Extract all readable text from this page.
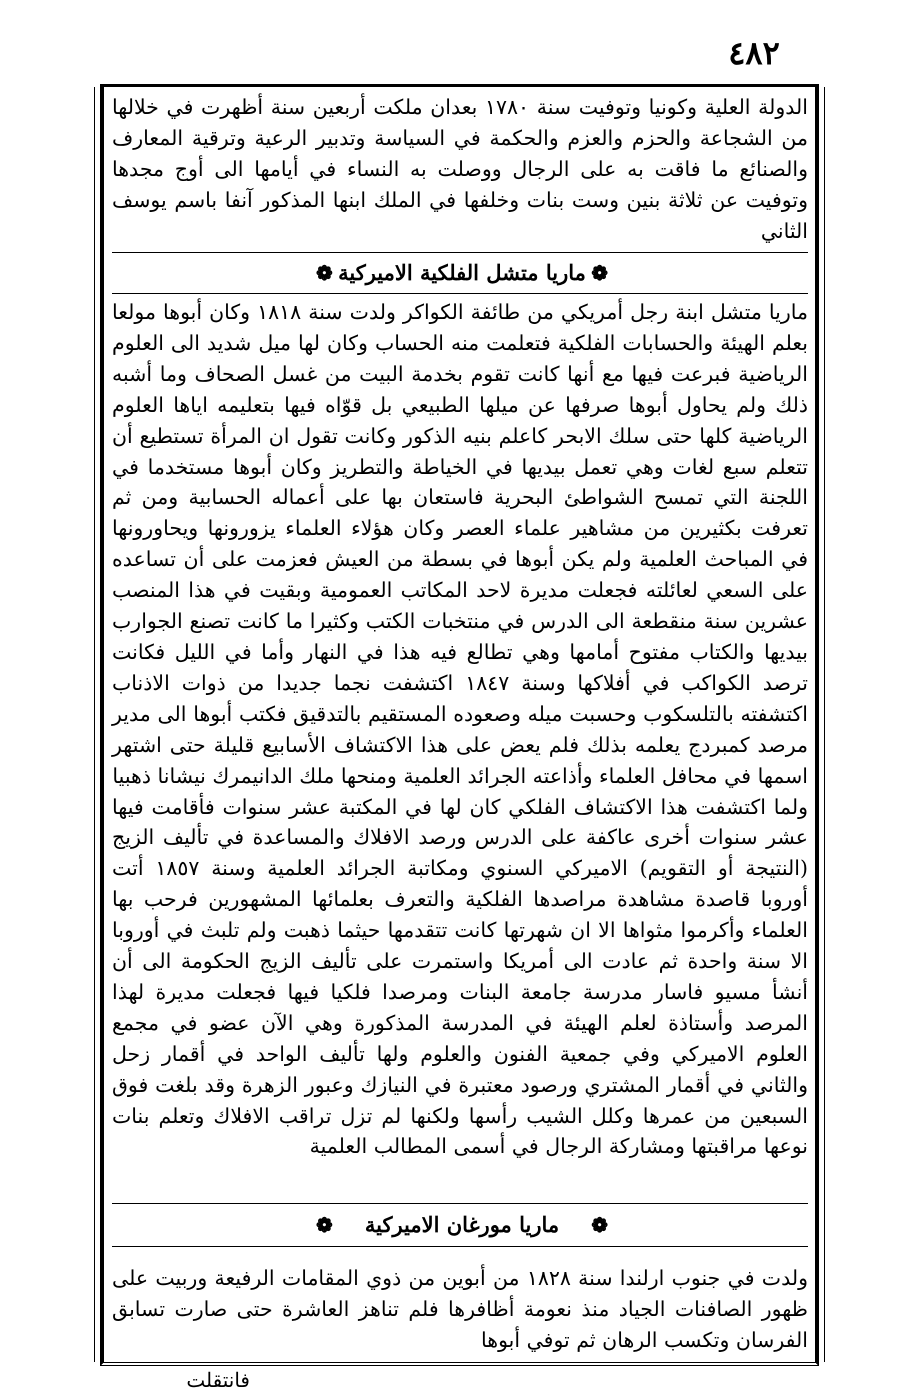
٤٨٢

الدولة العلية وكونيا وتوفيت سنة ١٧٨٠ بعدان ملكت أربعين سنة أظهرت في خلالها من الشجاعة والحزم والعزم والحكمة في السياسة وتدبير الرعية وترقية المعارف والصنائع ما فاقت به على الرجال ووصلت به النساء في أيامها الى أوج مجدها وتوفيت عن ثلاثة بنين وست بنات وخلفها في الملك ابنها المذكور آنفا باسم يوسف الثاني

❁
ماريا متشل الفلكية الاميركية
❁

ماريا متشل ابنة رجل أمريكي من طائفة الكواكر ولدت سنة ١٨١٨ وكان أبوها مولعا بعلم الهيئة والحسابات الفلكية فتعلمت منه الحساب وكان لها ميل شديد الى العلوم الرياضية فبرعت فيها مع أنها كانت تقوم بخدمة البيت من غسل الصحاف وما أشبه ذلك ولم يحاول أبوها صرفها عن ميلها الطبيعي بل قوّاه فيها بتعليمه اياها العلوم الرياضية كلها حتى سلك الابحر كاعلم بنيه الذكور وكانت تقول ان المرأة تستطيع أن تتعلم سبع لغات وهي تعمل بيديها في الخياطة والتطريز وكان أبوها مستخدما في اللجنة التي تمسح الشواطئ البحرية فاستعان بها على أعماله الحسابية ومن ثم تعرفت بكثيرين من مشاهير علماء العصر وكان هؤلاء العلماء يزورونها ويحاورونها في المباحث العلمية ولم يكن أبوها في بسطة من العيش فعزمت على أن تساعده على السعي لعائلته فجعلت مديرة لاحد المكاتب العمومية وبقيت في هذا المنصب عشرين سنة منقطعة الى الدرس في منتخبات الكتب وكثيرا ما كانت تصنع الجوارب بيديها والكتاب مفتوح أمامها وهي تطالع فيه هذا في النهار وأما في الليل فكانت ترصد الكواكب في أفلاكها وسنة ١٨٤٧ اكتشفت نجما جديدا من ذوات الاذناب اكتشفته بالتلسكوب وحسبت ميله وصعوده المستقيم بالتدقيق فكتب أبوها الى مدير مرصد كمبردج يعلمه بذلك فلم يعض على هذا الاكتشاف الأسابيع قليلة حتى اشتهر اسمها في محافل العلماء وأذاعته الجرائد العلمية ومنحها ملك الدانيمرك نيشانا ذهبيا

ولما اكتشفت هذا الاكتشاف الفلكي كان لها في المكتبة عشر سنوات فأقامت فيها عشر سنوات أخرى عاكفة على الدرس ورصد الافلاك والمساعدة في تأليف الزيج (النتيجة أو التقويم) الاميركي السنوي ومكاتبة الجرائد العلمية وسنة ١٨٥٧ أتت أوروبا قاصدة مشاهدة مراصدها الفلكية والتعرف بعلمائها المشهورين فرحب بها العلماء وأكرموا مثواها الا ان شهرتها كانت تتقدمها حيثما ذهبت ولم تلبث في أوروبا الا سنة واحدة ثم عادت الى أمريكا واستمرت على تأليف الزيج الحكومة الى أن أنشأ مسيو فاسار مدرسة جامعة البنات ومرصدا فلكيا فيها فجعلت مديرة لهذا المرصد وأستاذة لعلم الهيئة في المدرسة المذكورة وهي الآن عضو في مجمع العلوم الاميركي وفي جمعية الفنون والعلوم ولها تأليف الواحد في أقمار زحل والثاني في أقمار المشتري ورصود معتبرة في النيازك وعبور الزهرة وقد بلغت فوق السبعين من عمرها وكلل الشيب رأسها ولكنها لم تزل تراقب الافلاك وتعلم بنات نوعها مراقبتها ومشاركة الرجال في أسمى المطالب العلمية

❁
ماريا مورغان الاميركية
❁

ولدت في جنوب ارلندا سنة ١٨٢٨ من أبوين من ذوي المقامات الرفيعة وربيت على ظهور الصافنات الجياد منذ نعومة أظافرها فلم تناهز العاشرة حتى صارت تسابق الفرسان وتكسب الرهان ثم توفي أبوها

فانتقلت
